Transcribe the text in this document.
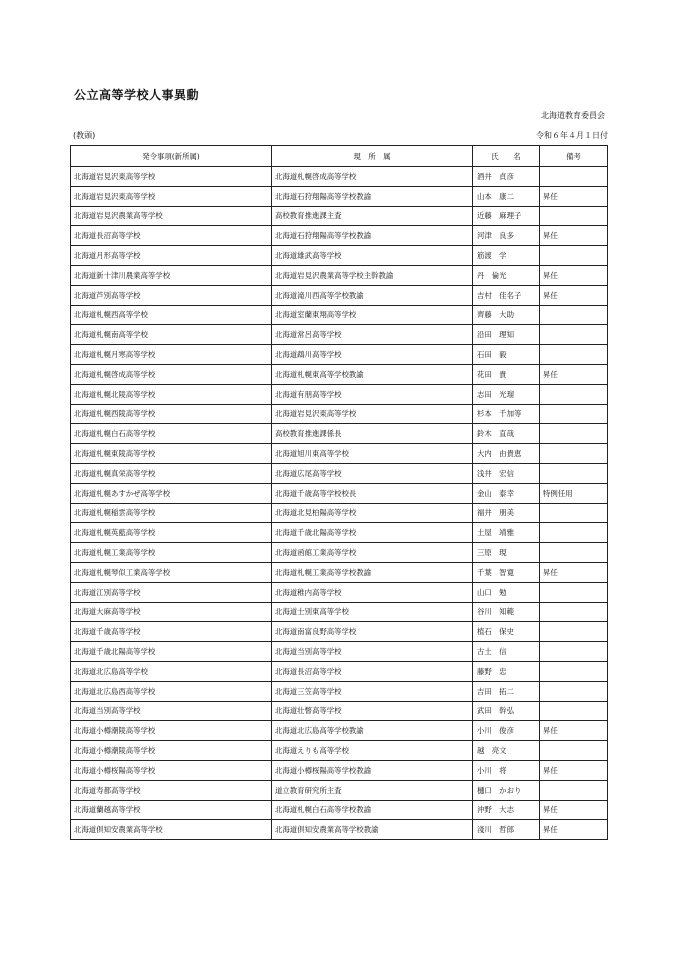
公立高等学校人事異動
北海道教育委員会
(教頭)	令和６年４月１日付
発令事項(新所属)	現　所　属	氏　　名	備考
北海道岩見沢東高等学校	北海道札幌啓成高等学校	酒井　貞彦	
北海道岩見沢東高等学校	北海道石狩翔陽高等学校教諭	山本　康二	昇任
北海道岩見沢農業高等学校	高校教育推進課主査	近藤　麻理子	
北海道長沼高等学校	北海道石狩翔陽高等学校教諭	河津　良多	昇任
北海道月形高等学校	北海道雄武高等学校	筋渡　学	
北海道新十津川農業高等学校	北海道岩見沢農業高等学校主幹教諭	丹　倫光	昇任
北海道芦別高等学校	北海道滝川西高等学校教諭	吉村　佳名子	昇任
北海道札幌西高等学校	北海道室蘭東翔高等学校	齊藤　大助	
北海道札幌南高等学校	北海道常呂高等学校	沿田　理知	
北海道札幌月寒高等学校	北海道鵡川高等学校	石田　毅	
北海道札幌啓成高等学校	北海道札幌東高等学校教諭	花田　貴	昇任
北海道札幌北陵高等学校	北海道有朋高等学校	志田　光瑠	
北海道札幌西陵高等学校	北海道岩見沢東高等学校	杉本　千加等	
北海道札幌白石高等学校	高校教育推進課係長	鈴木　直哉	
北海道札幌東陵高等学校	北海道旭川東高等学校	大内　由貴恵	
北海道札幌真栄高等学校	北海道広尾高等学校	浅井　宏信	
北海道札幌あすかぜ高等学校	北海道千歳高等学校校長	金山　泰幸	特例任用
北海道札幌稲雲高等学校	北海道北見柏陽高等学校	福井　朋美	
北海道札幌英藍高等学校	北海道千歳北陽高等学校	土屋　靖雅	
北海道札幌工業高等学校	北海道函館工業高等学校	三原　現	
北海道札幌琴似工業高等学校	北海道札幌工業高等学校教諭	千葉　智寛	昇任
北海道江別高等学校	北海道稚内高等学校	山口　勉	
北海道大麻高等学校	北海道士別東高等学校	谷川　知範	
北海道千歳高等学校	北海道南富良野高等学校	植石　保史	
北海道千歳北陽高等学校	北海道当別高等学校	古土　信	
北海道北広島高等学校	北海道長沼高等学校	藤野　忠	
北海道北広島西高等学校	北海道三笠高等学校	吉田　拓二	
北海道当別高等学校	北海道壮瞥高等学校	武田　幹弘	
北海道小樽潮陵高等学校	北海道北広島高等学校教諭	小川　俊彦	昇任
北海道小樽潮陵高等学校	北海道えりも高等学校	越　亮文	
北海道小樽桜陽高等学校	北海道小樽桜陽高等学校教諭	小川　将	昇任
北海道寿都高等学校	道立教育研究所主査	樋口　かおり	
北海道蘭越高等学校	北海道札幌白石高等学校教諭	沖野　大志	昇任
北海道倶知安農業高等学校	北海道倶知安農業高等学校教諭	淺川　哲郎	昇任
